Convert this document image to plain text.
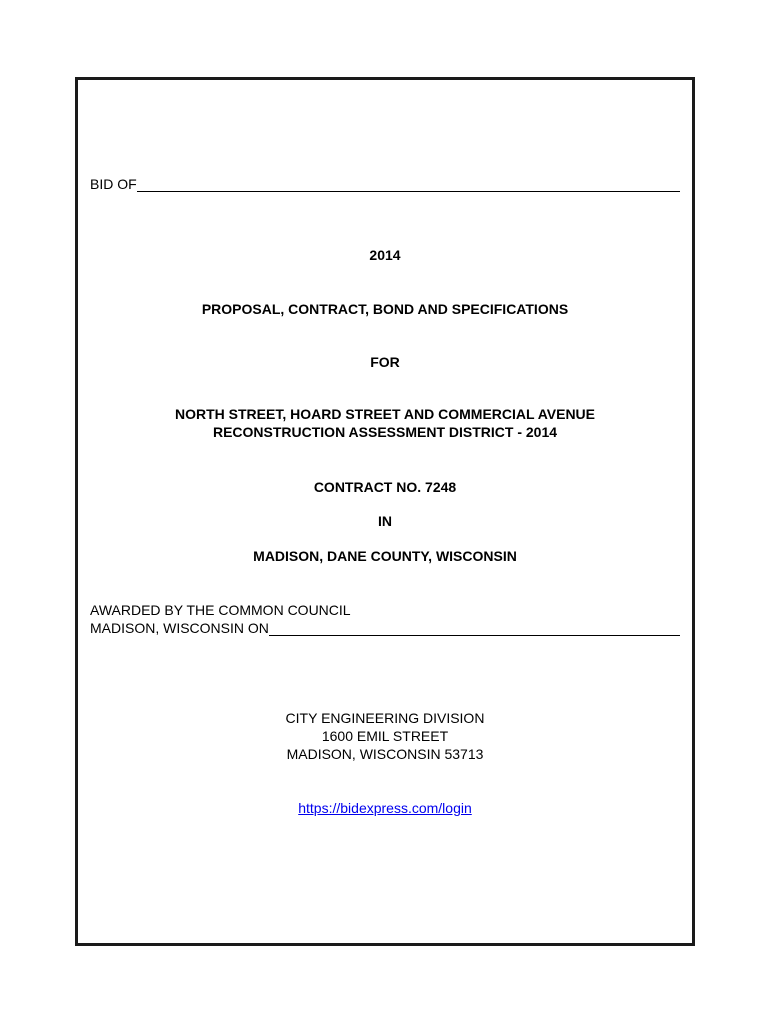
BID OF
2014
PROPOSAL, CONTRACT, BOND AND SPECIFICATIONS
FOR
NORTH STREET, HOARD STREET AND COMMERCIAL AVENUE
RECONSTRUCTION ASSESSMENT DISTRICT - 2014
CONTRACT NO. 7248
IN
MADISON, DANE COUNTY, WISCONSIN
AWARDED BY THE COMMON COUNCIL
MADISON, WISCONSIN ON
CITY ENGINEERING DIVISION
1600 EMIL STREET
MADISON, WISCONSIN 53713
https://bidexpress.com/login
